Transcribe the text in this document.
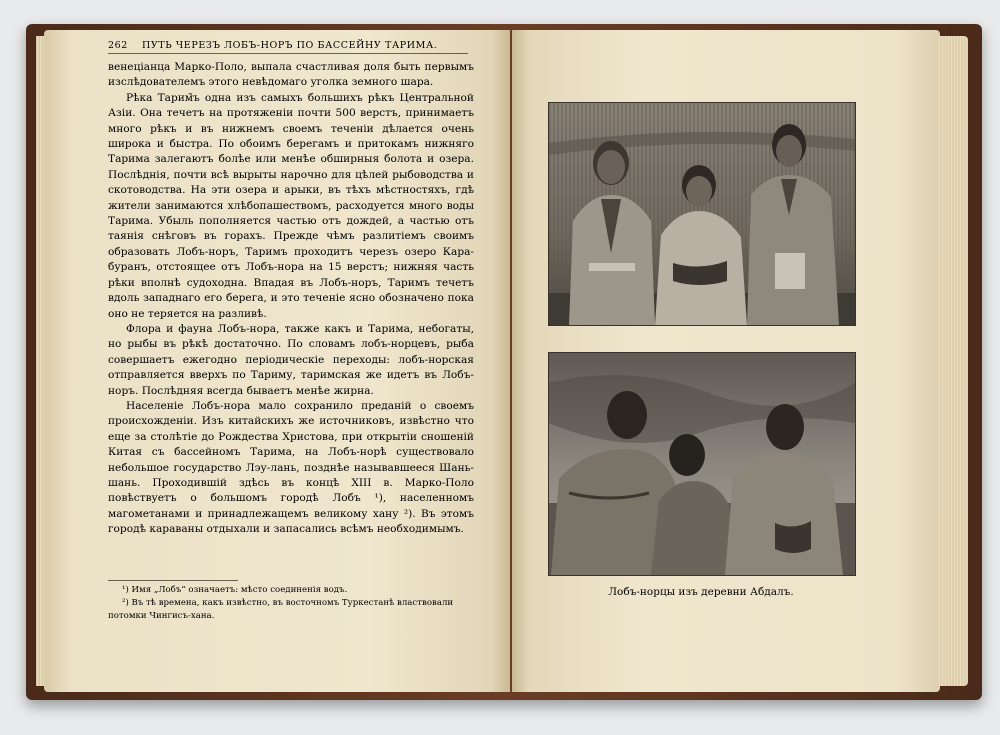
262 ПУТЬ ЧЕРЕЗЪ ЛОБЪ-НОРЪ ПО БАССЕЙНУ ТАРИМА.

венеціанца Марко-Поло, выпала счастливая доля быть первымъ изслѣдователемъ этого невѣдомаго уголка земного шара.

Рѣка Тарим̃ъ одна изъ самыхъ большихъ рѣкъ Центральной Азіи. Она течетъ на протяженіи почти 500 верстъ, принимаетъ много рѣкъ и въ нижнемъ своемъ теченіи дѣлается очень широка и быстра. По обоимъ берегамъ и притокамъ нижняго Тарима залегаютъ болѣе или менѣе обширныя болота и озера. Послѣднія, почти всѣ вырыты нарочно для цѣлей рыбоводства и скотоводства. На эти озера и арыки, въ тѣхъ мѣстностяхъ, гдѣ жители занимаются хлѣбопашествомъ, расходуется много воды Тарима. Убыль пополняется частью отъ дождей, а частью отъ таянія снѣговъ въ горахъ. Прежде чѣмъ разлитіемъ своимъ образовать Лобъ-норъ, Таримъ проходитъ черезъ озеро Кара-буранъ, отстоящее отъ Лобъ-нора на 15 верстъ; нижняя часть рѣки вполнѣ судоходна. Впадая въ Лобъ-норъ, Таримъ течетъ вдоль западнаго его берега, и это теченіе ясно обозначено пока оно не теряется на разливѣ.

Флора и фауна Лобъ-нора, также какъ и Тарима, небогаты, но рыбы въ рѣкѣ достаточно. По словамъ лобъ-норцевъ, рыба совершаетъ ежегодно періодическіе переходы: лобъ-норская отправляется вверхъ по Тариму, таримская же идетъ въ Лобъ-норъ. Послѣдняя всегда бываетъ менѣе жирна.

Населеніе Лобъ-нора мало сохранило преданій о своемъ происхожденіи. Изъ китайскихъ же источниковъ, извѣстно что еще за столѣтіе до Рождества Христова, при открытіи сношеній Китая съ бассейномъ Тарима, на Лобъ-норѣ существовало небольшое государство Лэу-лань, позднѣе называвшееся Шань-шань. Проходившій здѣсь въ концѣ XIII в. Марко-Поло повѣствуетъ о большомъ городѣ Лобъ ¹), населенномъ магометанами и принадлежащемъ великому хану ²). Въ этомъ городѣ караваны отдыхали и запасались всѣмъ необходимымъ.

¹) Имя „Лобъ“ означаетъ: мѣсто соединенія водъ.

²) Въ тѣ времена, какъ извѣстно, въ восточномъ Туркестанѣ властвовали потомки Чингисъ-хана.

Лобъ-норцы изъ деревни Абдалъ.
